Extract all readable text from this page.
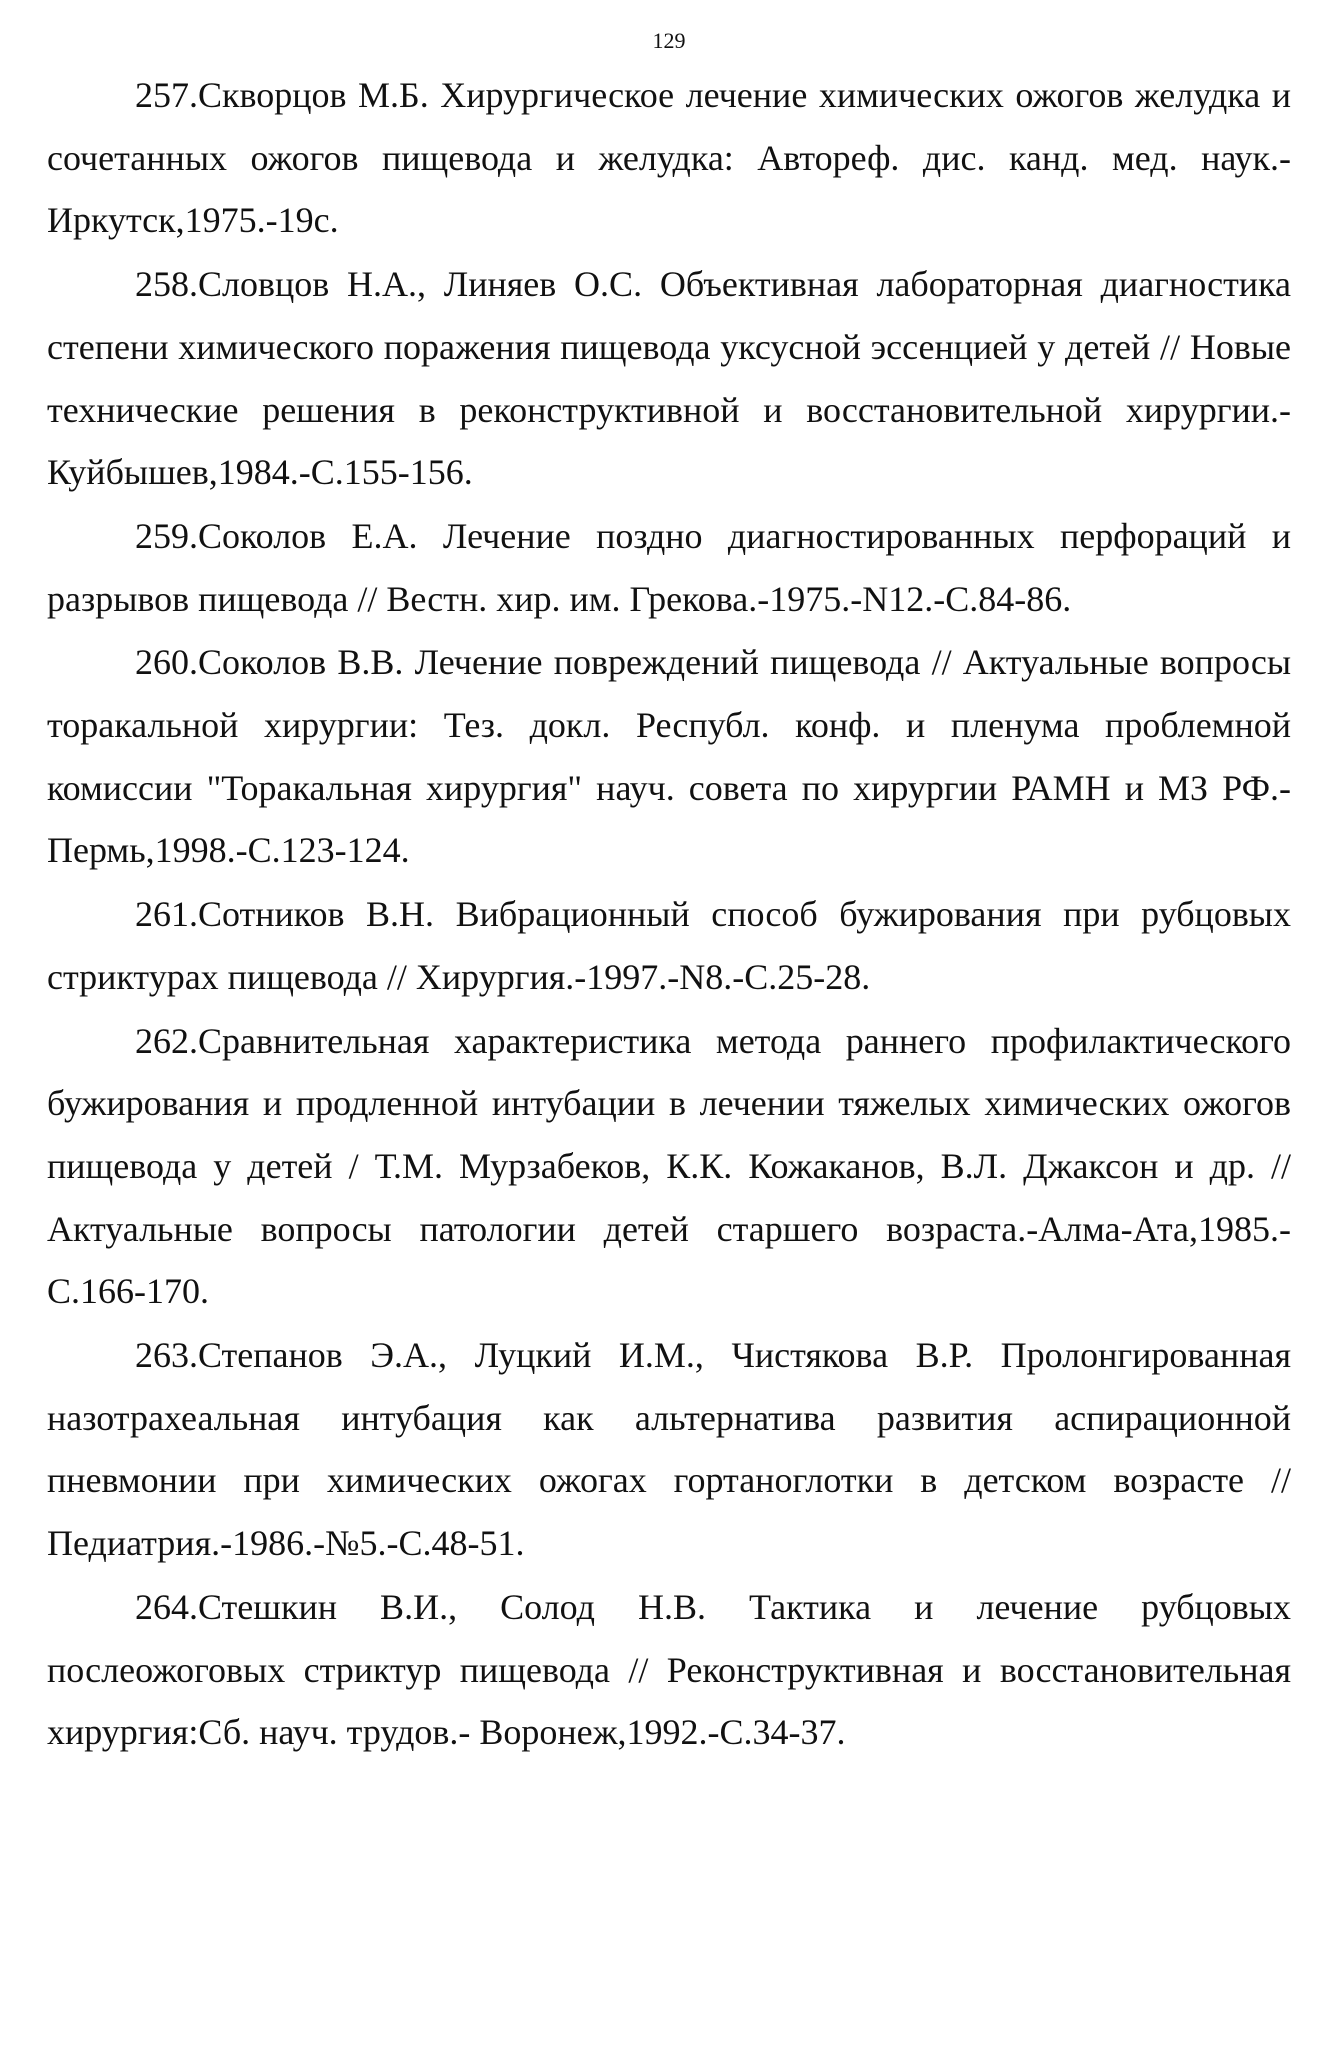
129

257.Скворцов М.Б. Хирургическое лечение химических ожогов желудка и сочетанных ожогов пищевода и желудка: Автореф. дис. канд. мед. наук.-Иркутск,1975.-19с.

258.Словцов Н.А., Линяев О.С. Объективная лабораторная диагностика степени химического поражения пищевода уксусной эссенцией у детей // Новые технические решения в реконструктивной и восстановительной хирургии.-Куйбышев,1984.-С.155-156.

259.Соколов Е.А. Лечение поздно диагностированных перфораций и разрывов пищевода // Вестн. хир. им. Грекова.-1975.-N12.-С.84-86.

260.Соколов В.В. Лечение повреждений пищевода // Актуальные вопросы торакальной хирургии: Тез. докл. Республ. конф. и пленума проблемной комиссии "Торакальная хирургия" науч. совета по хирургии РАМН и МЗ РФ.-Пермь,1998.-С.123-124.

261.Сотников В.Н. Вибрационный способ бужирования при рубцовых стриктурах пищевода // Хирургия.-1997.-N8.-С.25-28.

262.Сравнительная характеристика метода раннего профилактического бужирования и продленной интубации в лечении тяжелых химических ожогов пищевода у детей / Т.М. Мурзабеков, К.К. Кожаканов, В.Л. Джаксон и др. // Актуальные вопросы патологии детей старшего возраста.-Алма-Ата,1985.-С.166-170.

263.Степанов Э.А., Луцкий И.М., Чистякова В.Р. Пролонгированная назотрахеальная интубация как альтернатива развития аспирационной пневмонии при химических ожогах гортаноглотки в детском возрасте // Педиатрия.-1986.-№5.-С.48-51.

264.Стешкин В.И., Солод Н.В. Тактика и лечение рубцовых послеожоговых стриктур пищевода // Реконструктивная и восстановительная хирургия:Сб. науч. трудов.- Воронеж,1992.-С.34-37.
